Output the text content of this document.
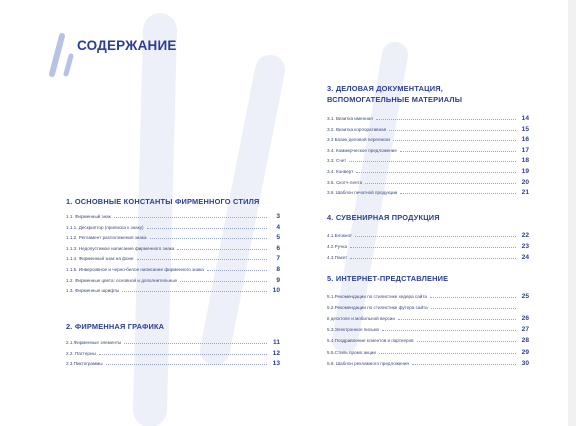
СОДЕРЖАНИЕ
1. ОСНОВНЫЕ КОНСТАНТЫ ФИРМЕННОГО СТИЛЯ
1.1. Фирменный знак	3
1.1.1. Дескриптор (приписка к знаку)	4
1.1.2. Регламент расположения знака	5
1.1.3. Недопустимое написание фирменного знака	6
1.1.4. Фирменный знак на фоне	7
1.1.5. Инверсивное и черно-белое написание фирменного знака	8
1.2. Фирменные цвета: основной и дополнительные	9
1.3. Фирменные шрифты	10
2. ФИРМЕННАЯ ГРАФИКА
2.1.Фирменные элементы	11
2.2. Паттерны	12
2.3.Пиктограммы	13
3. ДЕЛОВАЯ ДОКУМЕНТАЦИЯ,
ВСПОМОГАТЕЛЬНЫЕ МАТЕРИАЛЫ
3.1. Визитка именная	14
3.2. Визитка корпоративная	15
3.3 Бланк деловой переписки	16
3.4. Коммерческое предложение	17
3.3. Счет	18
3.4. Конверт	19
3.5. Скотч-лента	20
3.6. Шаблон печатной продукции	21
4. СУВЕНИРНАЯ ПРОДУКЦИЯ
4.1.Блокнот	22
4.2.Ручка	23
4.3.Пакет	24
5. ИНТЕРНЕТ-ПРЕДСТАВЛЕНИЕ
5.1.Рекомендации по стилистике хедера сайта	25
5.2.Рекомендации по стилистике футера сайта
в десктопе и мобильной версии	26
5.3.Электронное письмо	27
5.4.Поздравление клиентов и партнеров	28
5.5.Стиль промо акции	29
5.6. Шаблон рекламного предложения	30
